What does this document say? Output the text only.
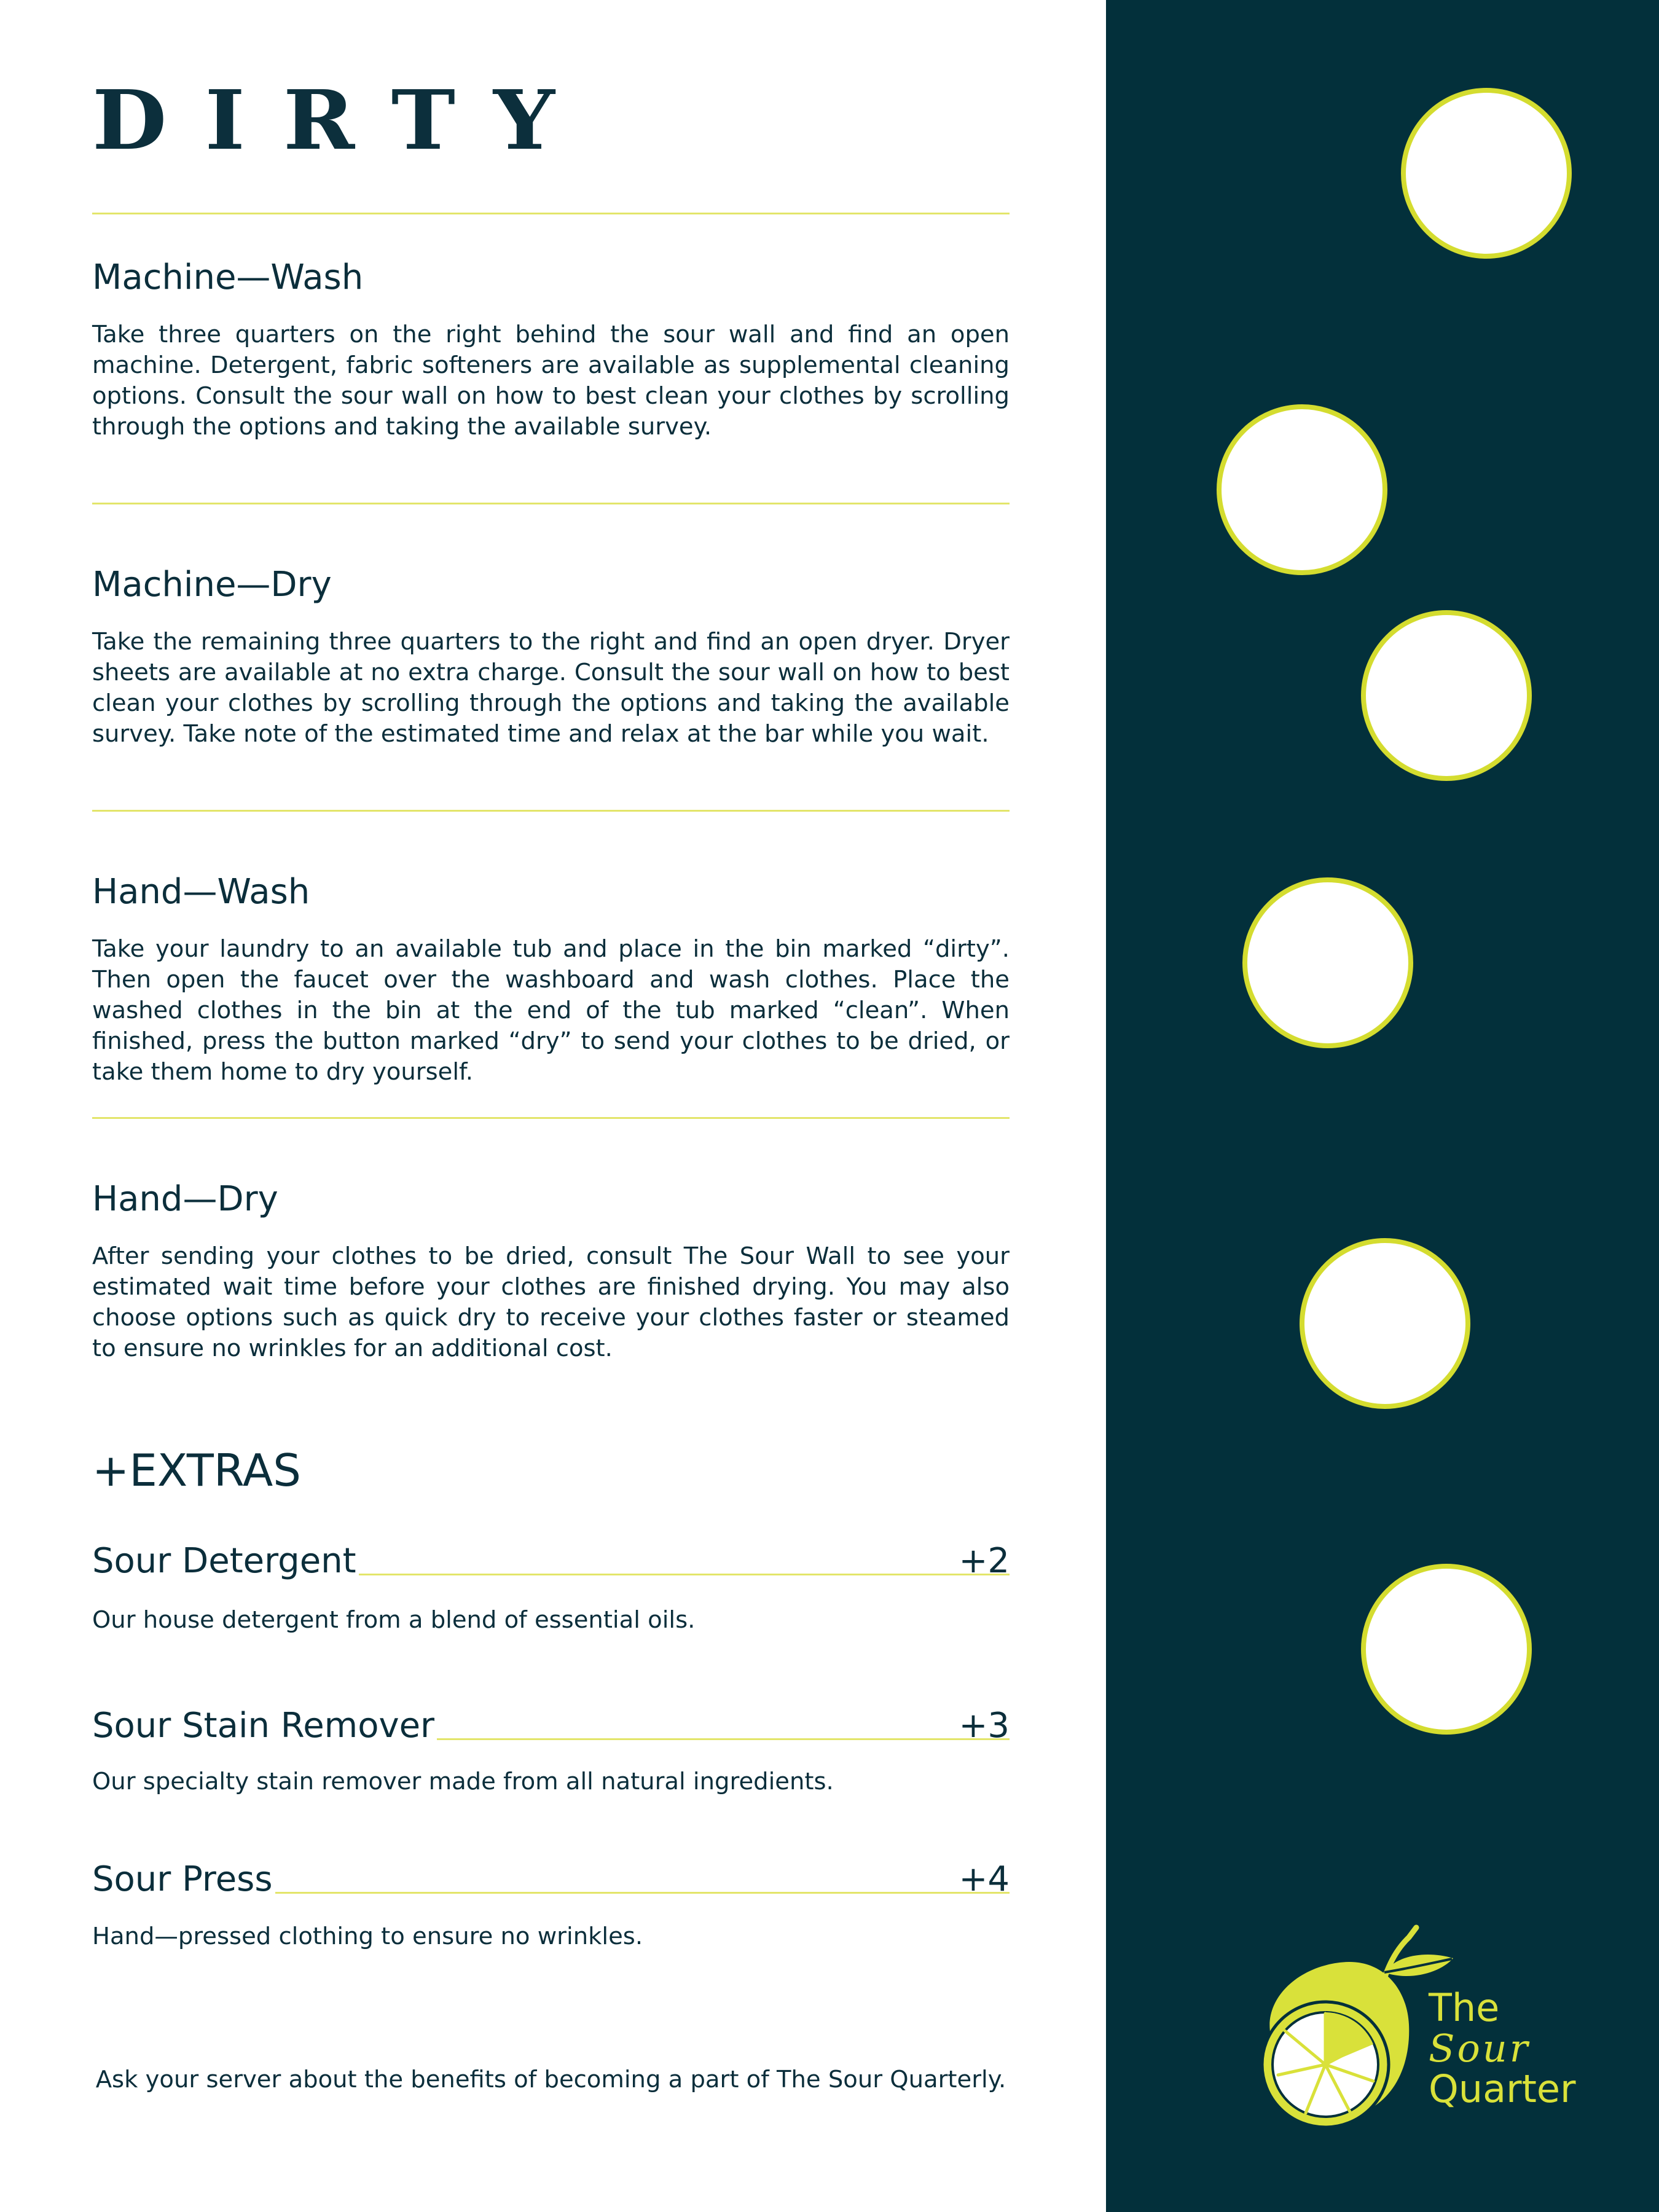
DIRTY
Machine—Wash

Take three quarters on the right behind the sour wall and find an open machine. Detergent, fabric softeners are available as supplemental cleaning options. Consult the sour wall on how to best clean your clothes by scrolling through the options and taking the available survey.

Machine—Dry

Take the remaining three quarters to the right and find an open dryer. Dryer sheets are available at no extra charge. Consult the sour wall on how to best clean your clothes by scrolling through the options and taking the available survey. Take note of the estimated time and relax at the bar while you wait.

Hand—Wash

Take your laundry to an available tub and place in the bin marked “dirty”. Then open the faucet over the washboard and wash clothes. Place the washed clothes in the bin at the end of the tub marked “clean”. When finished, press the button marked “dry” to send your clothes to be dried, or take them home to dry yourself.

Hand—Dry

After sending your clothes to be dried, consult The Sour Wall to see your estimated wait time before your clothes are finished drying. You may also choose options such as quick dry to receive your clothes faster or steamed to ensure no wrinkles for an additional cost.

+EXTRAS
Sour Detergent	+2

Our house detergent from a blend of essential oils.

Sour Stain Remover	+3

Our specialty stain remover made from all natural ingredients.

Sour Press	+4

Hand—pressed clothing to ensure no wrinkles.

Ask your server about the benefits of becoming a part of The Sour Quarterly.

The
Sour
Quarter
